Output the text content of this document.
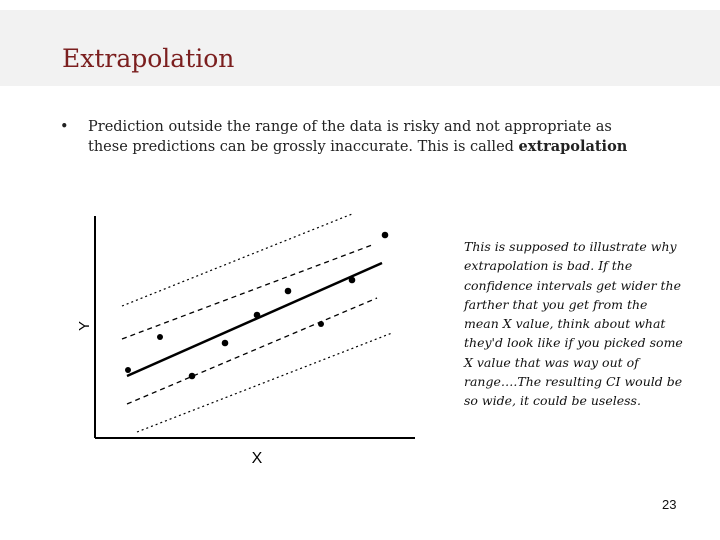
Extrapolation
• Prediction outside the range of the data is risky and not appropriate as these predictions can be grossly inaccurate. This is called extrapolation
Y
X
This is supposed to illustrate why extrapolation is bad. If the confidence intervals get wider the farther that you get from the mean X value, think about what they'd look like if you picked some X value that was way out of range….The resulting CI would be so wide, it could be useless.
23
